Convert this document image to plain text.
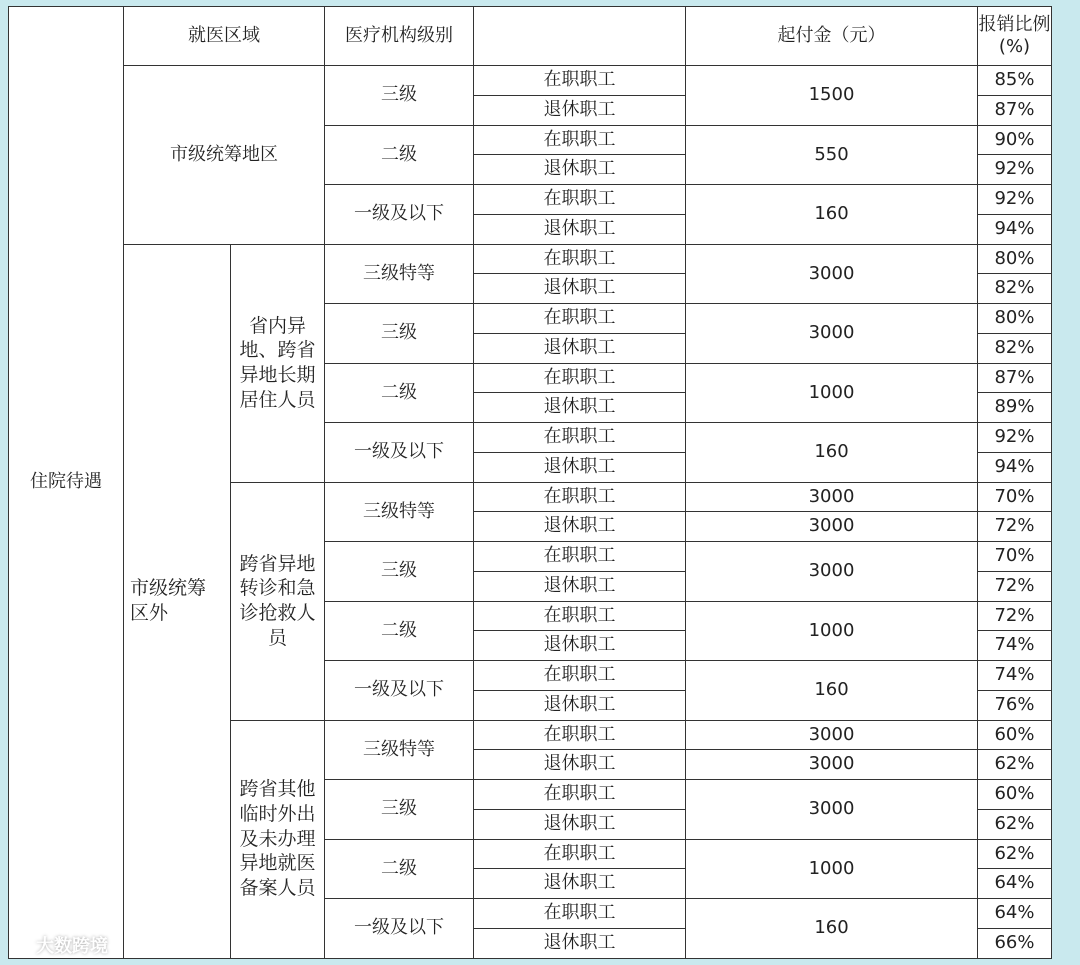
住院待遇	就医区域		医疗机构级别		起付金（元）	报销比例
(%)
	市级统筹地区		三级	在职职工	1500	85%
				退休职工		87%
			二级	在职职工	550	90%
				退休职工		92%
			一级及以下	在职职工	160	92%
				退休职工		94%
	市级统筹区外	省内异地、跨省异地长期居住人员	三级特等	在职职工	3000	80%
				退休职工		82%
			三级	在职职工	3000	80%
				退休职工		82%
			二级	在职职工	1000	87%
				退休职工		89%
			一级及以下	在职职工	160	92%
				退休职工		94%
		跨省异地转诊和急诊抢救人员	三级特等	在职职工	3000	70%
				退休职工	3000	72%
			三级	在职职工	3000	70%
				退休职工		72%
			二级	在职职工	1000	72%
				退休职工		74%
			一级及以下	在职职工	160	74%
				退休职工		76%
		跨省其他临时外出及未办理异地就医备案人员	三级特等	在职职工	3000	60%
				退休职工	3000	62%
			三级	在职职工	3000	60%
				退休职工		62%
			二级	在职职工	1000	62%
				退休职工		64%
			一级及以下	在职职工	160	64%
				退休职工		66%
大数跨境
